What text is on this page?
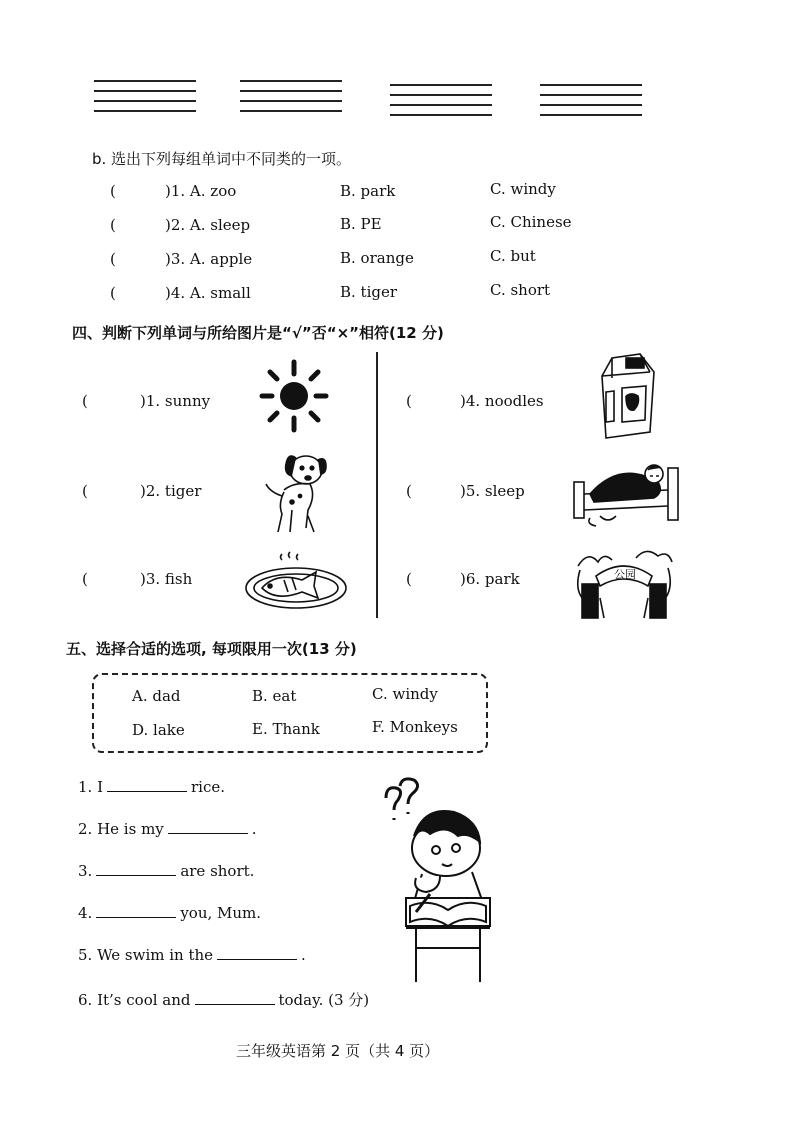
b. 选出下列每组单词中不同类的一项。
(	)1. A. zoo	B. park	C. windy
(	)2. A. sleep	B. PE	C. Chinese
(	)3. A. apple	B. orange	C. but
(	)4. A. small	B. tiger	C. short
四、判断下列单词与所给图片是“√”否“×”相符(12 分)
(	)1. sunny
(	)2. tiger
(	)3. fish
(	)4. noodles
(	)5. sleep
(	)6. park	公园
五、选择合适的选项, 每项限用一次(13 分)
A. dad	B. eat	C. windy
D. lake	E. Thank	F. Monkeys
1. I	rice.
2. He is my	.
3.	are short.
4.	you, Mum.
5. We swim in the	.
6. It’s cool and	today. (3 分)
三年级英语第 2 页（共 4 页）
